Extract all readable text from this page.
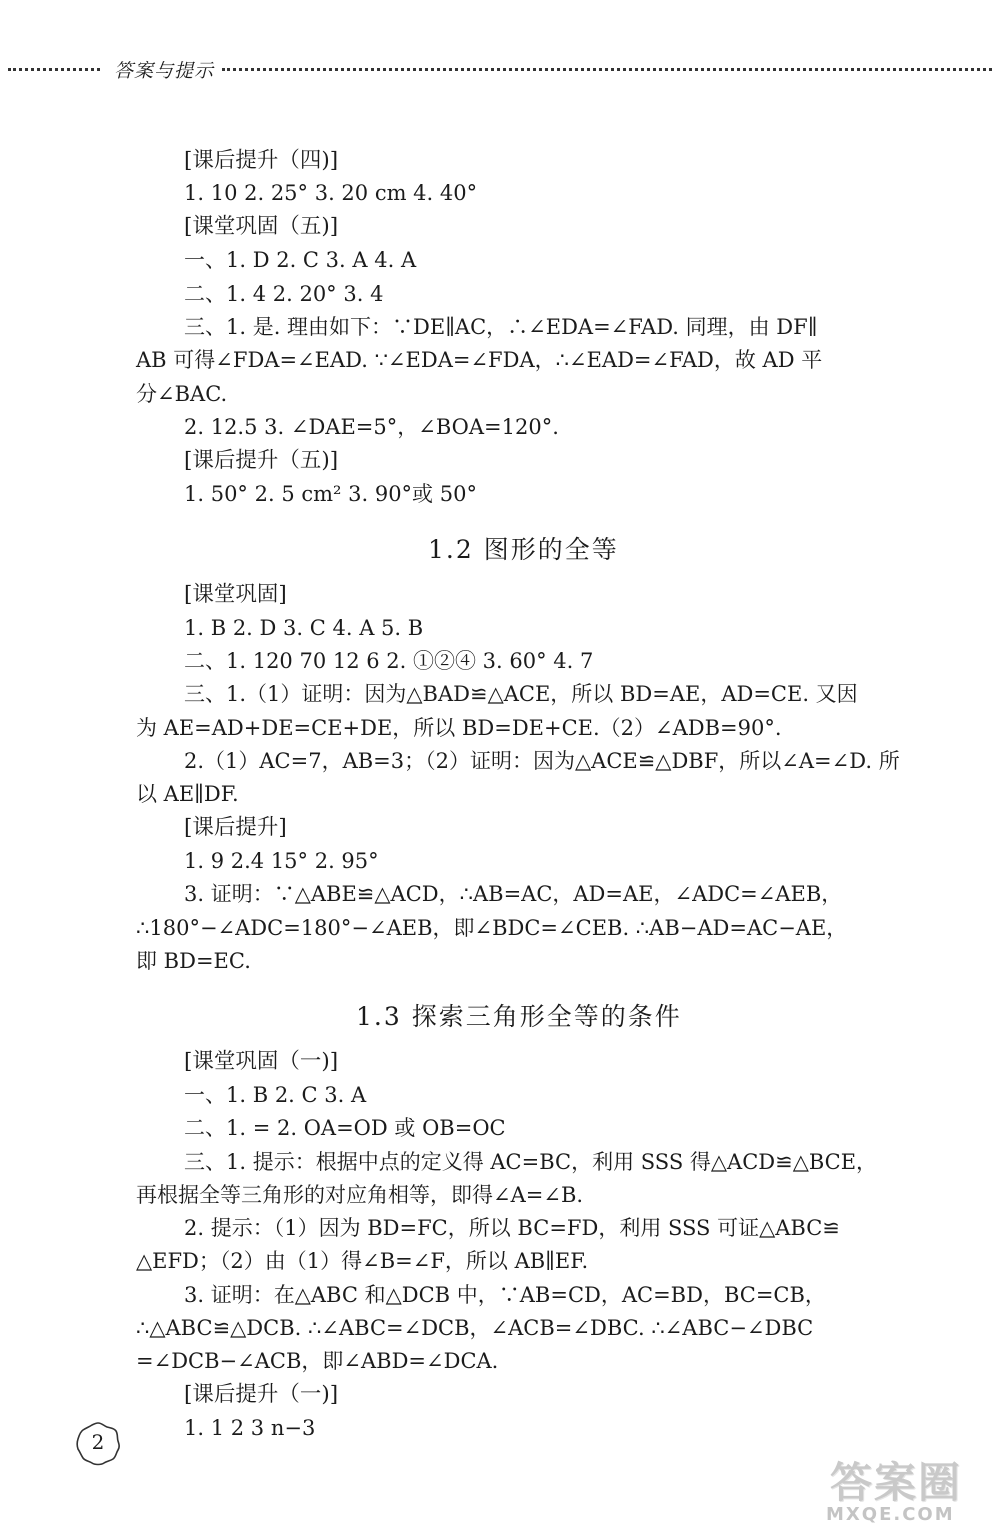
答案与提示
[课后提升（四)]
1. 10 2. 25° 3. 20 cm 4. 40°
[课堂巩固（五)]
一、1. D 2. C 3. A 4. A
二、1. 4 2. 20° 3. 4
三、1. 是. 理由如下：∵DE∥AC，∴∠EDA=∠FAD. 同理，由 DF∥
AB 可得∠FDA=∠EAD. ∵∠EDA=∠FDA，∴∠EAD=∠FAD，故 AD 平
分∠BAC.
2. 12.5 3. ∠DAE=5°，∠BOA=120°.
[课后提升（五)]
1. 50° 2. 5 cm² 3. 90°或 50°
[课堂巩固]
1. B 2. D 3. C 4. A 5. B
二、1. 120 70 12 6 2. ①②④ 3. 60° 4. 7
三、1.（1）证明：因为△BAD≌△ACE，所以 BD=AE，AD=CE. 又因
为 AE=AD+DE=CE+DE，所以 BD=DE+CE.（2）∠ADB=90°.
2.（1）AC=7，AB=3；（2）证明：因为△ACE≌△DBF，所以∠A=∠D. 所
以 AE∥DF.
[课后提升]
1. 9 2.4 15° 2. 95°
3. 证明：∵△ABE≌△ACD，∴AB=AC，AD=AE，∠ADC=∠AEB，
∴180°−∠ADC=180°−∠AEB，即∠BDC=∠CEB. ∴AB−AD=AC−AE，
即 BD=EC.
[课堂巩固（一)]
一、1. B 2. C 3. A
二、1. = 2. OA=OD 或 OB=OC
三、1. 提示：根据中点的定义得 AC=BC，利用 SSS 得△ACD≌△BCE，
再根据全等三角形的对应角相等，即得∠A=∠B.
2. 提示：（1）因为 BD=FC，所以 BC=FD，利用 SSS 可证△ABC≌
△EFD；（2）由（1）得∠B=∠F，所以 AB∥EF.
3. 证明：在△ABC 和△DCB 中，∵AB=CD，AC=BD，BC=CB，
∴△ABC≌△DCB. ∴∠ABC=∠DCB，∠ACB=∠DBC. ∴∠ABC−∠DBC
=∠DCB−∠ACB，即∠ABD=∠DCA.
[课后提升（一)]
1. 1 2 3 n−3
1.2 图形的全等
1.3 探索三角形全等的条件
2
答案圈
MXQE.COM
